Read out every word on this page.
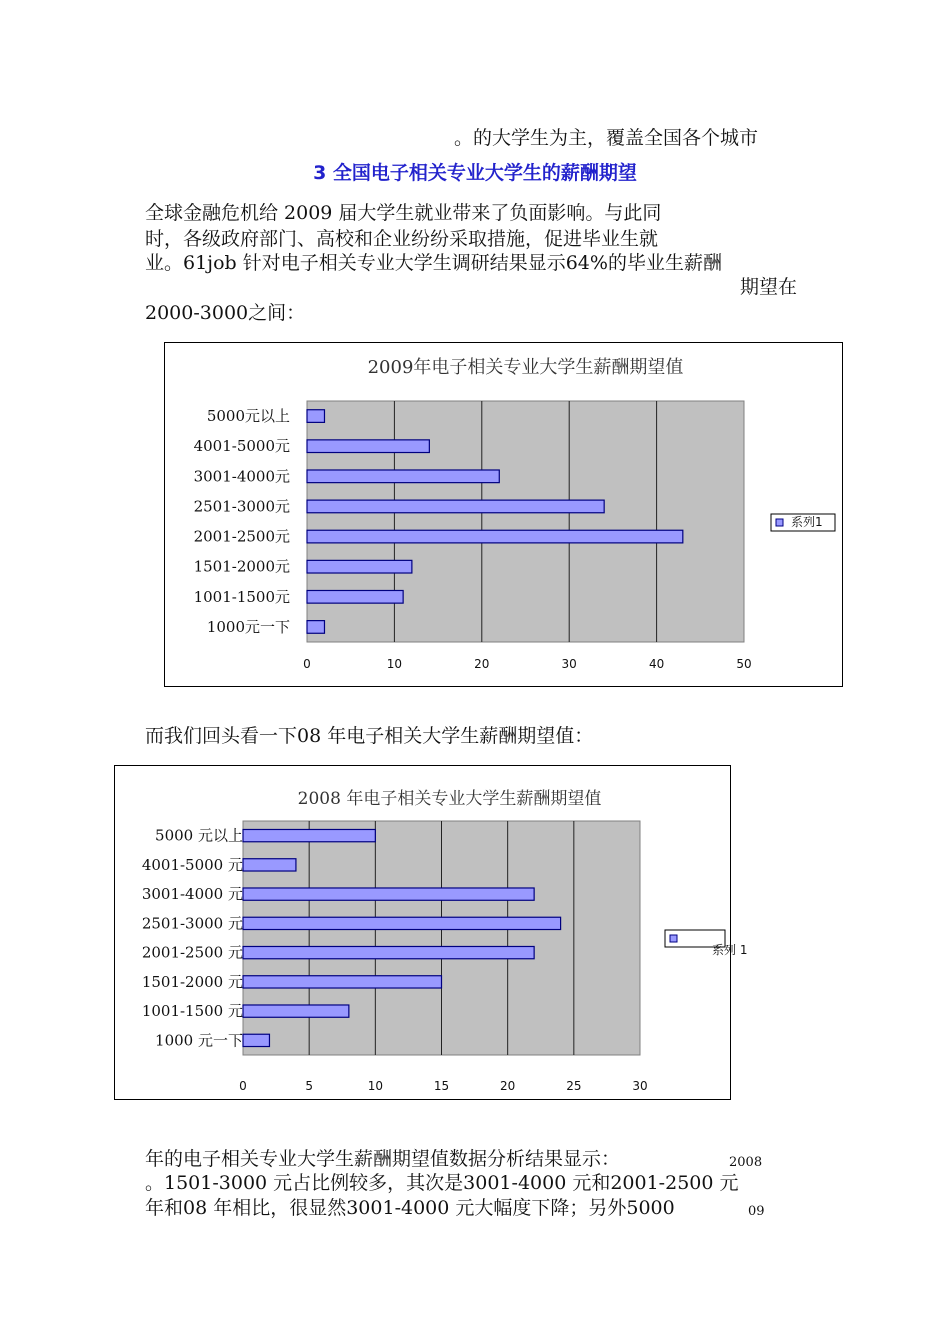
。的大学生为主，覆盖全国各个城市
3 全国电子相关专业大学生的薪酬期望
全球金融危机给 2009 届大学生就业带来了负面影响。与此同
时，各级政府部门、高校和企业纷纷采取措施，促进毕业生就
业。61job 针对电子相关专业大学生调研结果显示64%的毕业生薪酬
期望在
2000-3000之间：
2009年电子相关专业大学生薪酬期望值
0	10	20	30	40	50
5000元以上
4001-5000元
3001-4000元
2501-3000元
2001-2500元
1501-2000元
1001-1500元
1000元一下
系列1
而我们回头看一下08 年电子相关大学生薪酬期望值：
2008 年电子相关专业大学生薪酬期望值
0	5	10	15	20	25	30
5000 元以上
4001-5000 元
3001-4000 元
2501-3000 元
2001-2500 元
1501-2000 元
1001-1500 元
1000 元一下
系列 1
年的电子相关专业大学生薪酬期望值数据分析结果显示：	2008
。1501-3000 元占比例较多，其次是3001-4000 元和2001-2500 元
年和08 年相比，很显然3001-4000 元大幅度下降；另外5000	09
